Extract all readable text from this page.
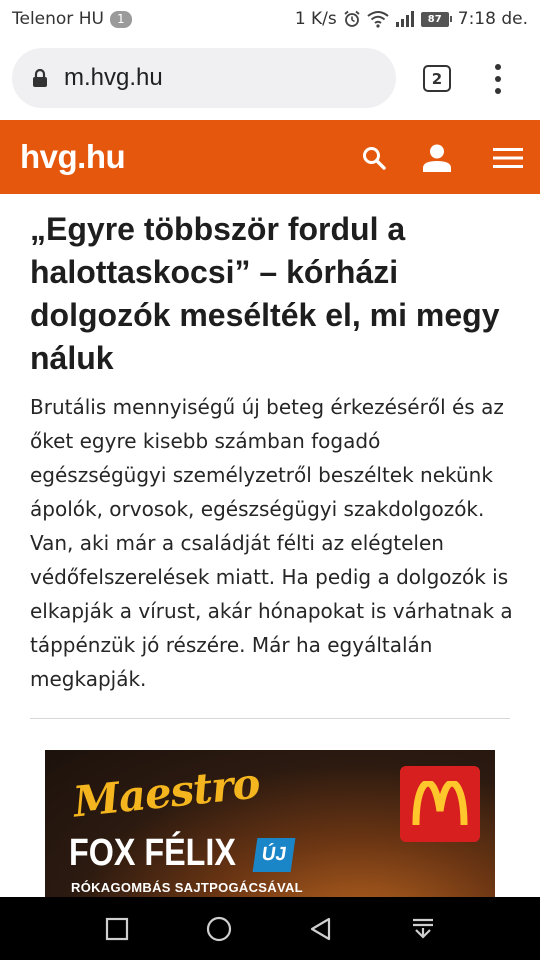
Telenor HU	1	1 K/s	87 7:18 de.
m.hvg.hu	2
hvg.hu
„Egyre többször fordul a halottaskocsi” – kórházi dolgozók mesélték el, mi megy náluk

Brutális mennyiségű új beteg érkezéséről és az őket egyre kisebb számban fogadó egészségügyi személyzetről beszéltek nekünk ápolók, orvosok, egészségügyi szakdolgozók. Van, aki már a családját félti az elégtelen védőfelszerelések miatt. Ha pedig a dolgozók is elkapják a vírust, akár hónapokat is várhatnak a táppénzük jó részére. Már ha egyáltalán megkapják.

Maestro
FOX FÉLIX	ÚJ
RÓKAGOMBÁS SAJTPOGÁCSÁVAL
